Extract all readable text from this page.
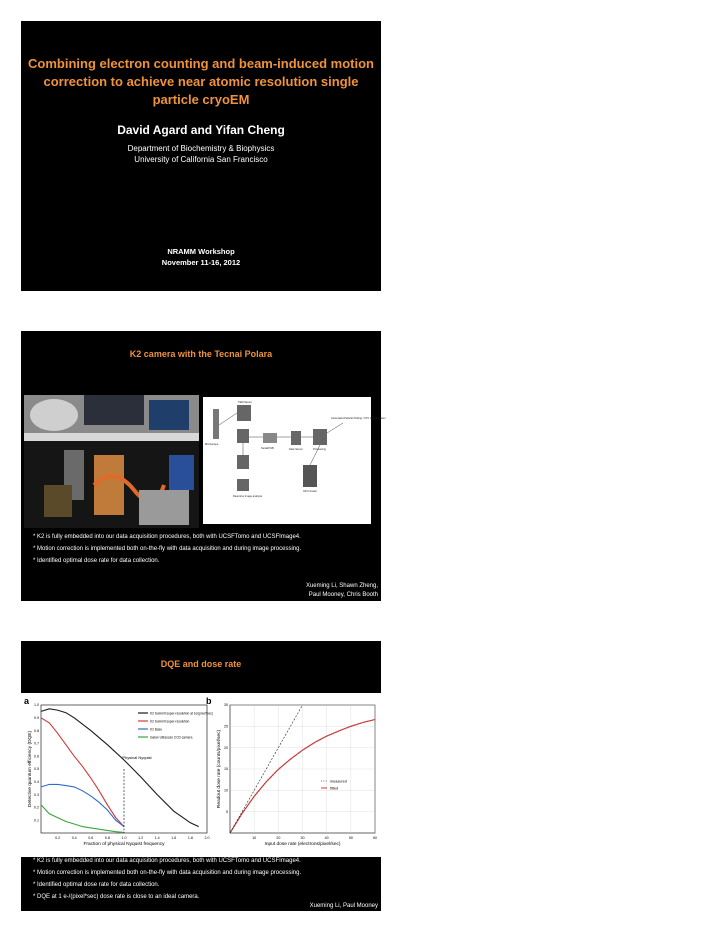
Combining electron counting and beam-induced motion correction to achieve near atomic resolution single particle cryoEM
David Agard and Yifan Cheng
Department of Biochemistry & Biophysics
University of California San Francisco
NRAMM Workshop
November 11-16, 2012
K2 camera with the Tecnai Polara
TEM Server
Microscope
Serial/USB	Data Server	Processing
Real-time Image analysis
GPU cluster
Automated Particle Picking / CTF determination
* K2 is fully embedded into our data acquisition procedures, both with UCSFTomo and UCSFImage4.
* Motion correction is implemented both on-the-fly with data acquisition and during image processing.
* Identified optimal dose rate for data collection.
Xueming Li, Shawn Zheng,
Paul Mooney, Chris Booth
DQE and dose rate
a	b
0.2	0.4	0.6	0.8	1.0	1.2	1.4	1.6	1.8	2.0
0.1
0.2
0.3
0.4
0.5
0.6
0.7
0.8
0.9
1.0
Fraction of physical Nyquist frequency
Detective quantum efficiency (DQE)	Physical Nyquist
K2 Summit super-resolution at 1e/(pixel*sec)
K2 Summit super-resolution
K2 Base
Gatan Ultrascan CCD camera
10	20	30	40	50	60
5
10
15
20
25
30
Input dose rate (electrons/pixel/sec)
Readout dose rate (counts/pixel/sec)	measured
fitted
* K2 is fully embedded into our data acquisition procedures, both with UCSFTomo and UCSFImage4.
* Motion correction is implemented both on-the-fly with data acquisition and during image processing.
* Identified optimal dose rate for data collection.
* DQE at 1 e-/(pixel*sec) dose rate is close to an ideal camera.
Xueming Li, Paul Mooney
